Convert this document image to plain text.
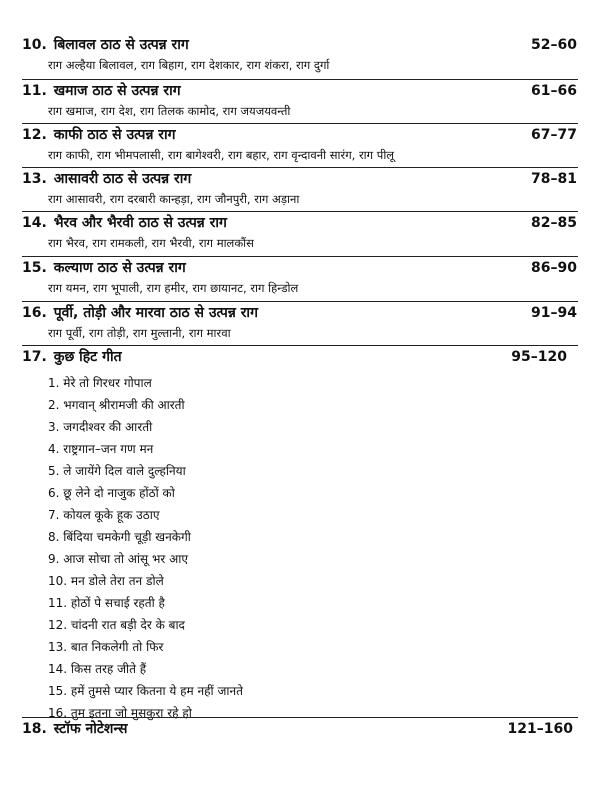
10. बिलावल ठाठ से उत्पन्न राग	52–60
राग अल्हैया बिलावल, राग बिहाग, राग देशकार, राग शंकरा, राग दुर्गा
11. खमाज ठाठ से उत्पन्न राग	61–66
राग खमाज, राग देश, राग तिलक कामोद, राग जयजयवन्ती
12. काफी ठाठ से उत्पन्न राग	67–77
राग काफी, राग भीमपलासी, राग बागेश्वरी, राग बहार, राग वृन्दावनी सारंग, राग पीलू
13. आसावरी ठाठ से उत्पन्न राग	78–81
राग आसावरी, राग दरबारी कान्हड़ा, राग जौनपुरी, राग अड़ाना
14. भैरव और भैरवी ठाठ से उत्पन्न राग	82–85
राग भैरव, राग रामकली, राग भैरवी, राग मालकौंस
15. कल्याण ठाठ से उत्पन्न राग	86–90
राग यमन, राग भूपाली, राग हमीर, राग छायानट, राग हिन्डोल
16. पूर्वी, तोड़ी और मारवा ठाठ से उत्पन्न राग	91–94
राग पूर्वी, राग तोड़ी, राग मुल्तानी, राग मारवा
17. कुछ हिट गीत	95–120
1. मेरे तो गिरधर गोपाल
2. भगवान् श्रीरामजी की आरती
3. जगदीश्वर की आरती
4. राष्ट्रगान–जन गण मन
5. ले जायेंगे दिल वाले दुल्हनिया
6. छू लेने दो नाजुक होंठों को
7. कोयल कूके हूक उठाए
8. बिंदिया चमकेगी चूड़ी खनकेगी
9. आज सोचा तो आंसू भर आए
10. मन डोले तेरा तन डोले
11. होठों पे सचाई रहती है
12. चांदनी रात बड़ी देर के बाद
13. बात निकलेगी तो फिर
14. किस तरह जीते हैं
15. हमें तुमसे प्यार कितना ये हम नहीं जानते
16. तुम इतना जो मुसकुरा रहे हो
18. स्टॉफ नोटेशन्स	121–160
